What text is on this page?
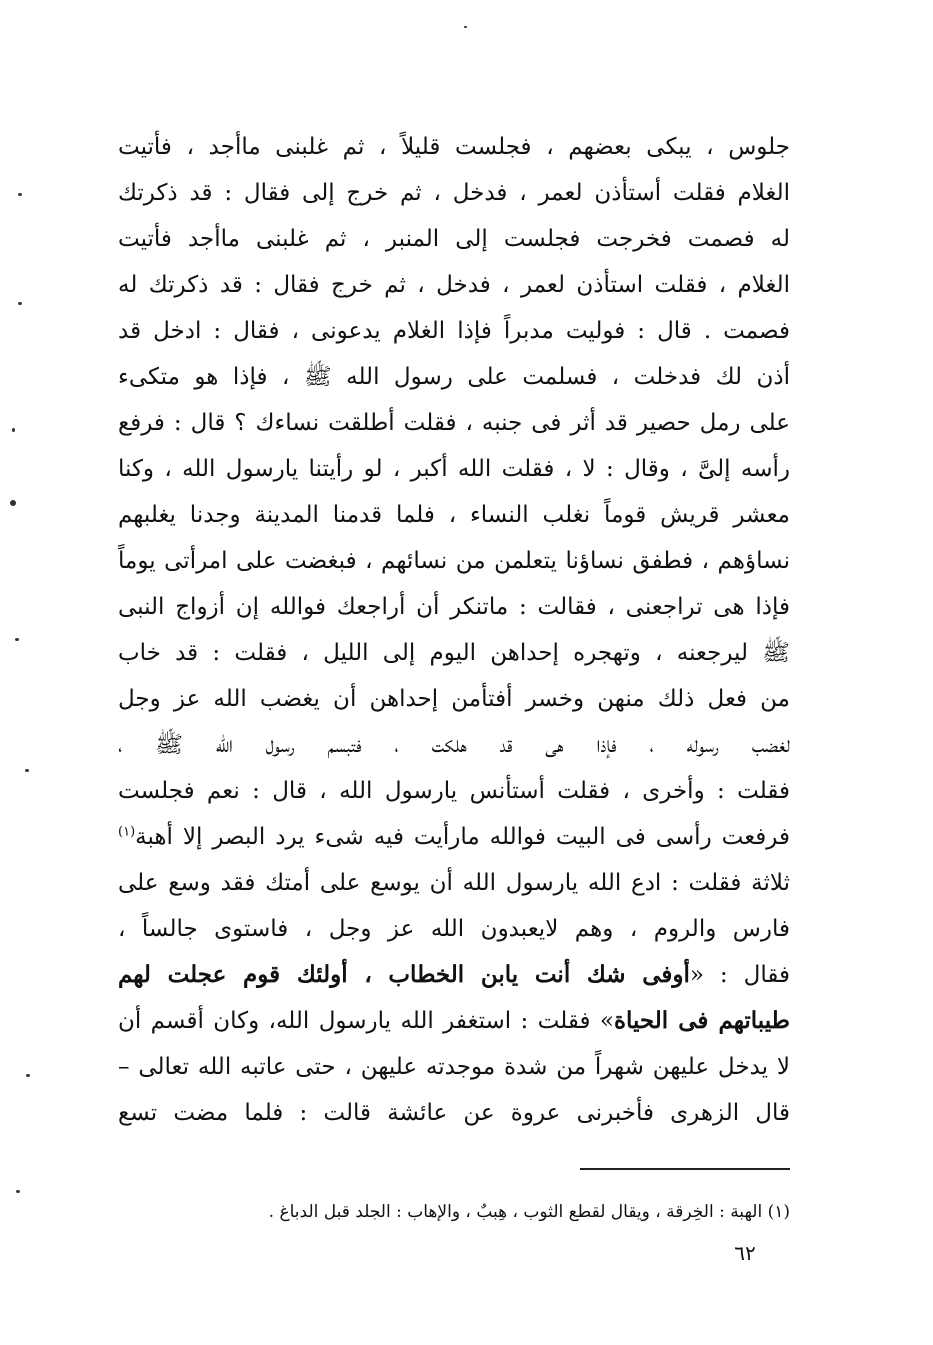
جلوس ، يبكى بعضهم ، فجلست قليلاً ، ثم غلبنى ماأجد ، فأتيت
الغلام فقلت أستأذن لعمر ، فدخل ، ثم خرج إلى فقال : قد ذكرتك
له فصمت فخرجت فجلست إلى المنبر ، ثم غلبنى ماأجد فأتيت
الغلام ، فقلت استأذن لعمر ، فدخل ، ثم خرج فقال : قد ذكرتك له
فصمت . قال : فوليت مدبراً فإذا الغلام يدعونى ، فقال : ادخل قد
أذن لك فدخلت ، فسلمت على رسول الله ﷺ ، فإذا هو متكىء
على رمل حصير قد أثر فى جنبه ، فقلت أطلقت نساءك ؟ قال : فرفع
رأسه إلىَّ ، وقال : لا ، فقلت الله أكبر ، لو رأيتنا يارسول الله ، وكنا
معشر قريش قوماً نغلب النساء ، فلما قدمنا المدينة وجدنا يغلبهم
نساؤهم ، فطفق نساؤنا يتعلمن من نسائهم ، فبغضت على امرأتى يوماً
فإذا هى تراجعنى ، فقالت : ماتنكر أن أراجعك فوالله إن أزواج النبى
ﷺ ليرجعنه ، وتهجره إحداهن اليوم إلى الليل ، فقلت : قد خاب
من فعل ذلك منهن وخسر أفتأمن إحداهن أن يغضب الله عز وجل
لغضب رسوله ، فإذا هى قد هلكت ، فتبسم رسول الله ﷺ ،
فقلت : وأخرى ، فقلت أستأنس يارسول الله ، قال : نعم فجلست
فرفعت رأسى فى البيت فوالله مارأيت فيه شىء يرد البصر إلا أهبة$^{(١)}$
ثلاثة فقلت : ادع الله يارسول الله أن يوسع على أمتك فقد وسع على
فارس والروم ، وهم لايعبدون الله عز وجل ، فاستوى جالساً ،
فقال : «أوفى شك أنت يابن الخطاب ، أولئك قوم عجلت لهم
طيباتهم فى الحياة» فقلت : استغفر الله يارسول الله، وكان أقسم أن
لا يدخل عليهن شهراً من شدة موجدته عليهن ، حتى عاتبه الله تعالى –
قال الزهرى فأخبرنى عروة عن عائشة قالت : فلما مضت تسع
(١) الهبة : الخِرقة ، ويقال لقطع الثوب ، هِببٌ ، والإهاب : الجلد قبل الدباغ .
٦٢
